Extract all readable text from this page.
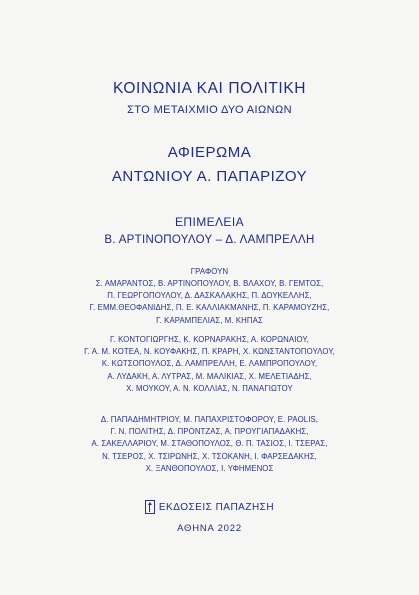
ΚΟΙΝΩΝΙΑ ΚΑΙ ΠΟΛΙΤΙΚΗ
ΣΤΟ ΜΕΤΑΙΧΜΙΟ ΔΥΟ ΑΙΩΝΩΝ
ΑΦΙΕΡΩΜΑ
ΑΝΤΩΝΙΟΥ Α. ΠΑΠΑΡΙΖΟΥ
ΕΠΙΜΕΛΕΙΑ
Β. ΑΡΤΙΝΟΠΟΥΛΟΥ – Δ. ΛΑΜΠΡΕΛΛΗ
ΓΡΑΦΟΥΝ
Σ. ΑΜΑΡΑΝΤΟΣ, Β. ΑΡΤΙΝΟΠΟΥΛΟΥ, Β. ΒΛΑΧΟΥ, Β. ΓΕΜΤΟΣ,
Π. ΓΕΩΡΓΟΠΟΥΛΟΥ, Δ. ΔΑΣΚΑΛΑΚΗΣ, Π. ΔΟΥΚΕΛΛΗΣ,
Γ. ΕΜΜ.ΘΕΟΦΑΝΙΔΗΣ, Π. Ε. ΚΑΛΛΙΑΚΜΑΝΗΣ, Π. ΚΑΡΑΜΟΥΖΗΣ,
Γ. ΚΑΡΑΜΠΕΛΙΑΣ, Μ. ΚΗΠΑΣ
Γ. ΚΟΝΤΟΓΙΩΡΓΗΣ, Κ. ΚΟΡΝΑΡΑΚΗΣ, Α. ΚΟΡΩΝΑΙΟΥ,
Γ. Α. Μ. ΚΟΤΕΑ, Ν. ΚΟΥΦΑΚΗΣ, Π. ΚΡΑΡΗ, Χ. ΚΩΝΣΤΑΝΤΟΠΟΥΛΟΥ,
Κ. ΚΩΤΣΟΠΟΥΛΟΣ, Δ. ΛΑΜΠΡΕΛΛΗ, Ε. ΛΑΜΠΡΟΠΟΥΛΟΥ,
Α. ΛΥΔΑΚΗ, Α. ΛΥΤΡΑΣ, Μ. ΜΑΛΙΚΙΑΣ, Χ. ΜΕΛΕΤΙΑΔΗΣ,
Χ. ΜΟΥΚΟΥ, Α. Ν. ΚΟΛΛΙΑΣ, Ν. ΠΑΝΑΓΙΩΤΟΥ
Δ. ΠΑΠΑΔΗΜΗΤΡΙΟΥ, Μ. ΠΑΠΑΧΡΙΣΤΟΦΟΡΟΥ, Ε. PAOLIS,
Γ. Ν. ΠΟΛΙΤΗΣ, Δ. ΠΡΟΝΤΖΑΣ, Α. ΠΡΟΥΓΙΑΠΑΔΑΚΗΣ,
Α. ΣΑΚΕΛΛΑΡΙΟΥ, Μ. ΣΤΑΘΟΠΟΥΛΟΣ, Θ. Π. ΤΑΣΙΟΣ, Ι. ΤΣΕΡΑΣ,
Ν. ΤΣΕΡΟΣ, Χ. ΤΣΙΡΩΝΗΣ, Χ. ΤΣΟΚΑΝΗ, Ι. ΦΑΡΣΕΔΑΚΗΣ,
Χ. ΞΑΝΘΟΠΟΥΛΟΣ, Ι. ΥΦΗΜΕΝΟΣ
ΕΚΔΟΣΕΙΣ ΠΑΠΑΖΗΣΗ
ΑΘΗΝΑ 2022
